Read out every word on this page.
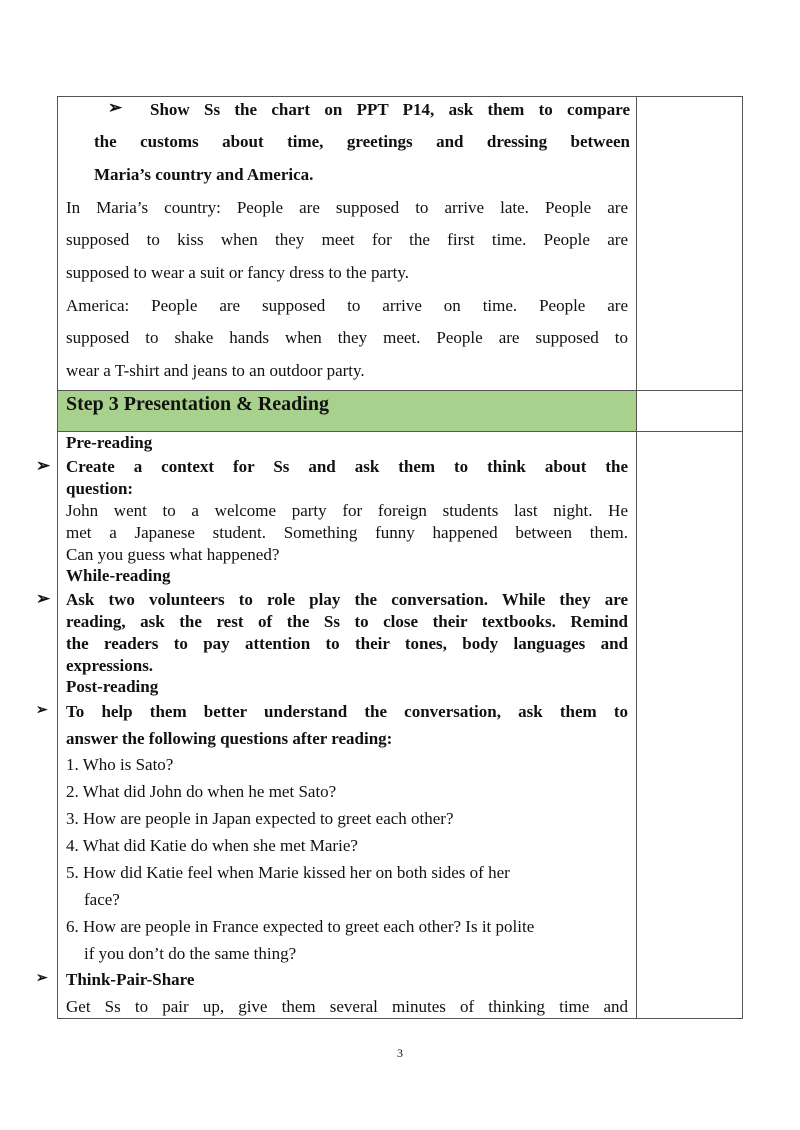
➢ Show Ss the chart on PPT P14, ask them to compare
the customs about time, greetings and dressing between
Maria’s country and America.
In Maria’s country: People are supposed to arrive late. People are
supposed to kiss when they meet for the first time. People are
supposed to wear a suit or fancy dress to the party.
America: People are supposed to arrive on time. People are
supposed to shake hands when they meet. People are supposed to
wear a T-shirt and jeans to an outdoor party.
Step 3 Presentation & Reading
Pre-reading
➢ Create a context for Ss and ask them to think about the
question:
John went to a welcome party for foreign students last night. He
met a Japanese student. Something funny happened between them.
Can you guess what happened?
While-reading
➢ Ask two volunteers to role play the conversation. While they are
reading, ask the rest of the Ss to close their textbooks. Remind
the readers to pay attention to their tones, body languages and
expressions.
Post-reading
➢ To help them better understand the conversation, ask them to
answer the following questions after reading:
1. Who is Sato?
2. What did John do when he met Sato?
3. How are people in Japan expected to greet each other?
4. What did Katie do when she met Marie?
5. How did Katie feel when Marie kissed her on both sides of her
face?
6. How are people in France expected to greet each other? Is it polite
if you don’t do the same thing?
➢ Think-Pair-Share
Get Ss to pair up, give them several minutes of thinking time and
3
